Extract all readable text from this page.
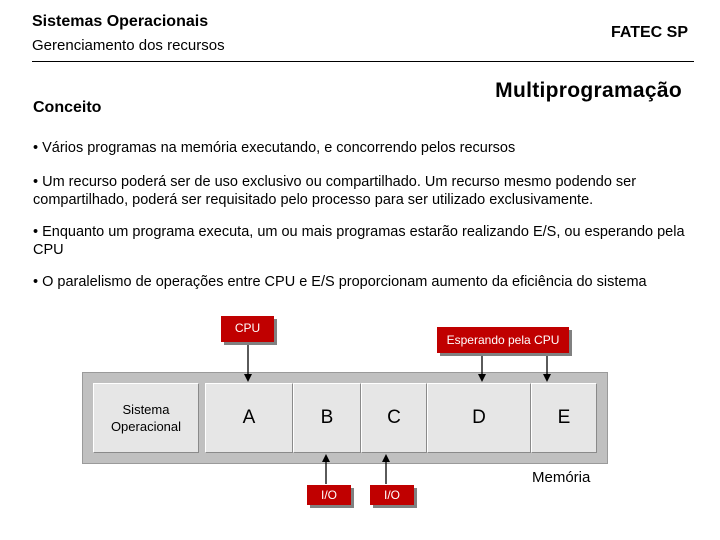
Sistemas Operacionais
Gerenciamento dos recursos
FATEC SP
Multiprogramação
Conceito

• Vários programas na memória executando, e concorrendo pelos recursos

• Um recurso poderá ser de uso exclusivo ou compartilhado. Um recurso mesmo podendo ser compartilhado, poderá ser requisitado pelo processo para ser utilizado exclusivamente.

• Enquanto um programa executa, um ou mais programas estarão realizando E/S, ou esperando pela CPU

• O paralelismo de operações entre CPU e E/S proporcionam aumento da eficiência do sistema

Sistema Operacional	A	B	C	D	E
CPU
Esperando pela CPU
I/O	I/O
Memória
